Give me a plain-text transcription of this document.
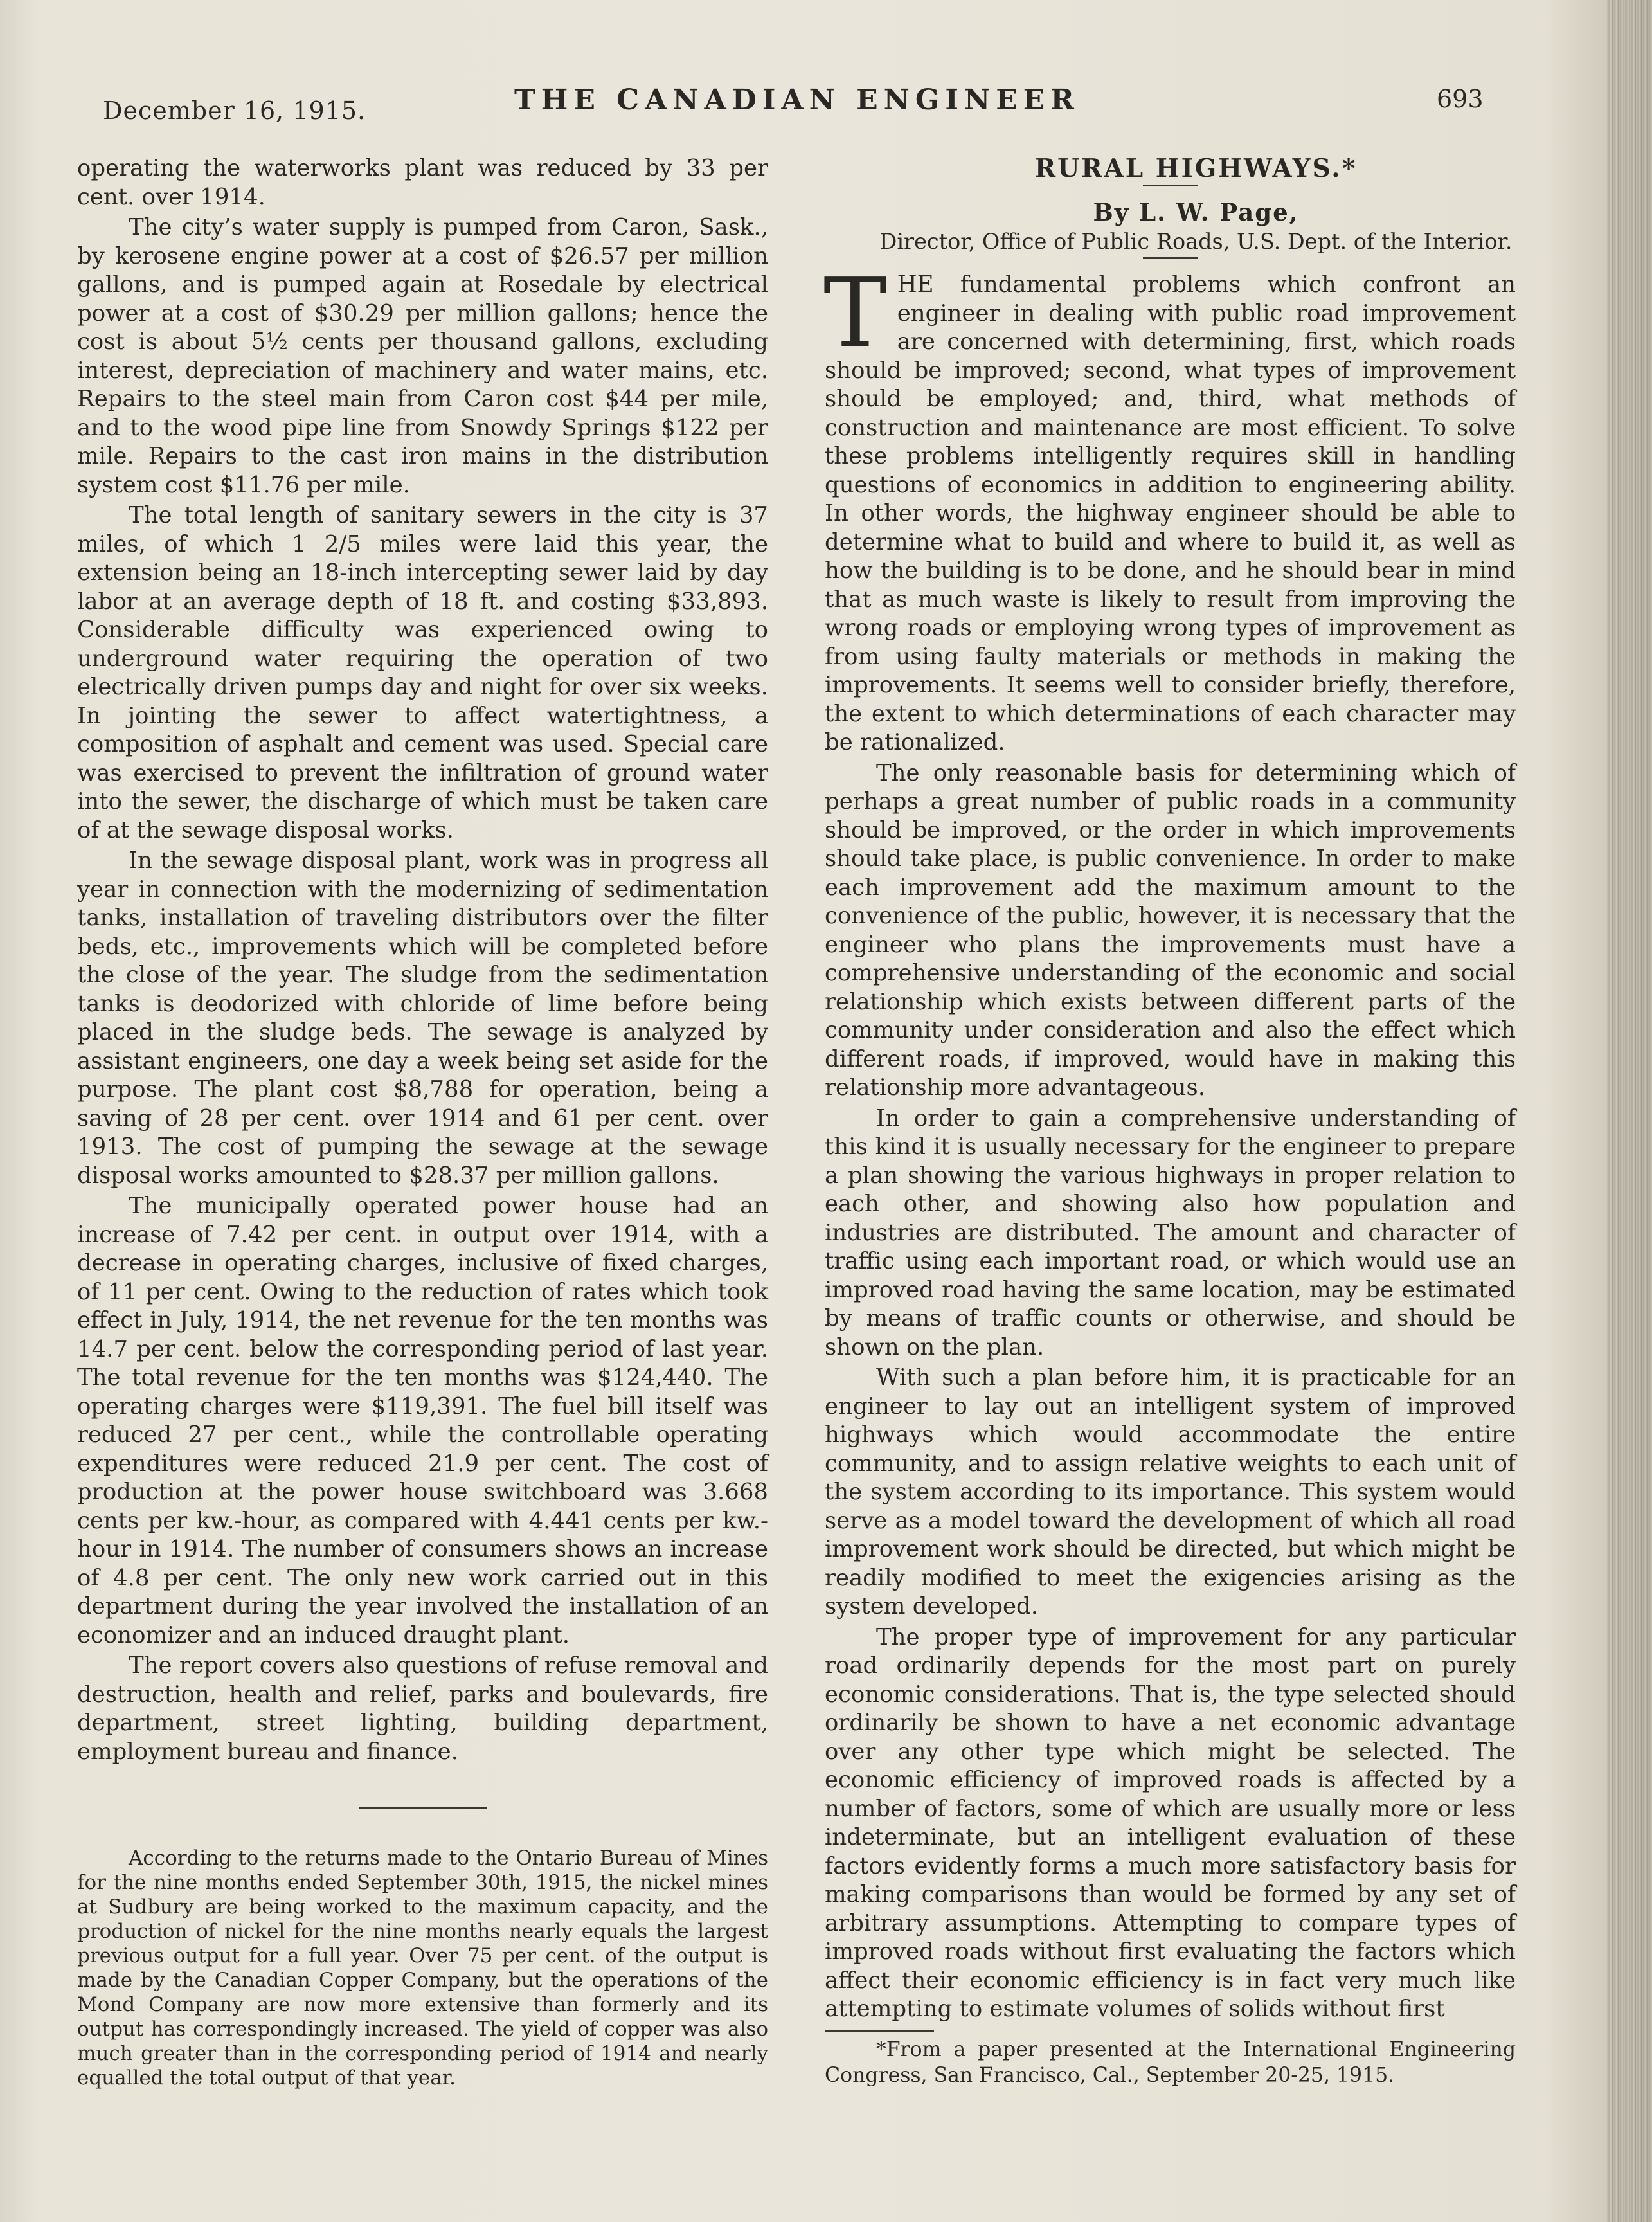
December 16, 1915.	THE CANADIAN ENGINEER	693

operating the waterworks plant was reduced by 33 per cent. over 1914.

The city’s water supply is pumped from Caron, Sask., by kerosene engine power at a cost of $26.57 per million gallons, and is pumped again at Rosedale by electrical power at a cost of $30.29 per million gallons; hence the cost is about 5½ cents per thousand gallons, excluding interest, depreciation of machinery and water mains, etc. Repairs to the steel main from Caron cost $44 per mile, and to the wood pipe line from Snowdy Springs $122 per mile. Repairs to the cast iron mains in the distribution system cost $11.76 per mile.

The total length of sanitary sewers in the city is 37 miles, of which 1 2/5 miles were laid this year, the extension being an 18-inch intercepting sewer laid by day labor at an average depth of 18 ft. and costing $33,893. Considerable difficulty was experienced owing to underground water requiring the operation of two electrically driven pumps day and night for over six weeks. In jointing the sewer to affect watertightness, a composition of asphalt and cement was used. Special care was exercised to prevent the infiltration of ground water into the sewer, the discharge of which must be taken care of at the sewage disposal works.

In the sewage disposal plant, work was in progress all year in connection with the modernizing of sedimentation tanks, installation of traveling distributors over the filter beds, etc., improvements which will be completed before the close of the year. The sludge from the sedimentation tanks is deodorized with chloride of lime before being placed in the sludge beds. The sewage is analyzed by assistant engineers, one day a week being set aside for the purpose. The plant cost $8,788 for operation, being a saving of 28 per cent. over 1914 and 61 per cent. over 1913. The cost of pumping the sewage at the sewage disposal works amounted to $28.37 per million gallons.

The municipally operated power house had an increase of 7.42 per cent. in output over 1914, with a decrease in operating charges, inclusive of fixed charges, of 11 per cent. Owing to the reduction of rates which took effect in July, 1914, the net revenue for the ten months was 14.7 per cent. below the corresponding period of last year. The total revenue for the ten months was $124,440. The operating charges were $119,391. The fuel bill itself was reduced 27 per cent., while the controllable operating expenditures were reduced 21.9 per cent. The cost of production at the power house switchboard was 3.668 cents per kw.-hour, as compared with 4.441 cents per kw.-hour in 1914. The number of consumers shows an increase of 4.8 per cent. The only new work carried out in this department during the year involved the installation of an economizer and an induced draught plant.

The report covers also questions of refuse removal and destruction, health and relief, parks and boulevards, fire department, street lighting, building department, employment bureau and finance.

According to the returns made to the Ontario Bureau of Mines for the nine months ended September 30th, 1915, the nickel mines at Sudbury are being worked to the maximum capacity, and the production of nickel for the nine months nearly equals the largest previous output for a full year. Over 75 per cent. of the output is made by the Canadian Copper Company, but the operations of the Mond Company are now more extensive than formerly and its output has correspondingly increased. The yield of copper was also much greater than in the corresponding period of 1914 and nearly equalled the total output of that year.

RURAL HIGHWAYS.*

By L. W. Page,

Director, Office of Public Roads, U.S. Dept. of the Interior.

THE fundamental problems which confront an engineer in dealing with public road improvement are concerned with determining, first, which roads should be improved; second, what types of improvement should be employed; and, third, what methods of construction and maintenance are most efficient. To solve these problems intelligently requires skill in handling questions of economics in addition to engineering ability. In other words, the highway engineer should be able to determine what to build and where to build it, as well as how the building is to be done, and he should bear in mind that as much waste is likely to result from improving the wrong roads or employing wrong types of improvement as from using faulty materials or methods in making the improvements. It seems well to consider briefly, therefore, the extent to which determinations of each character may be rationalized.

The only reasonable basis for determining which of perhaps a great number of public roads in a community should be improved, or the order in which improvements should take place, is public convenience. In order to make each improvement add the maximum amount to the convenience of the public, however, it is necessary that the engineer who plans the improvements must have a comprehensive understanding of the economic and social relationship which exists between different parts of the community under consideration and also the effect which different roads, if improved, would have in making this relationship more advantageous.

In order to gain a comprehensive understanding of this kind it is usually necessary for the engineer to prepare a plan showing the various highways in proper relation to each other, and showing also how population and industries are distributed. The amount and character of traffic using each important road, or which would use an improved road having the same location, may be estimated by means of traffic counts or otherwise, and should be shown on the plan.

With such a plan before him, it is practicable for an engineer to lay out an intelligent system of improved highways which would accommodate the entire community, and to assign relative weights to each unit of the system according to its importance. This system would serve as a model toward the development of which all road improvement work should be directed, but which might be readily modified to meet the exigencies arising as the system developed.

The proper type of improvement for any particular road ordinarily depends for the most part on purely economic considerations. That is, the type selected should ordinarily be shown to have a net economic advantage over any other type which might be selected. The economic efficiency of improved roads is affected by a number of factors, some of which are usually more or less indeterminate, but an intelligent evaluation of these factors evidently forms a much more satisfactory basis for making comparisons than would be formed by any set of arbitrary assumptions. Attempting to compare types of improved roads without first evaluating the factors which affect their economic efficiency is in fact very much like attempting to estimate volumes of solids without first

*From a paper presented at the International Engineering Congress, San Francisco, Cal., September 20-25, 1915.
